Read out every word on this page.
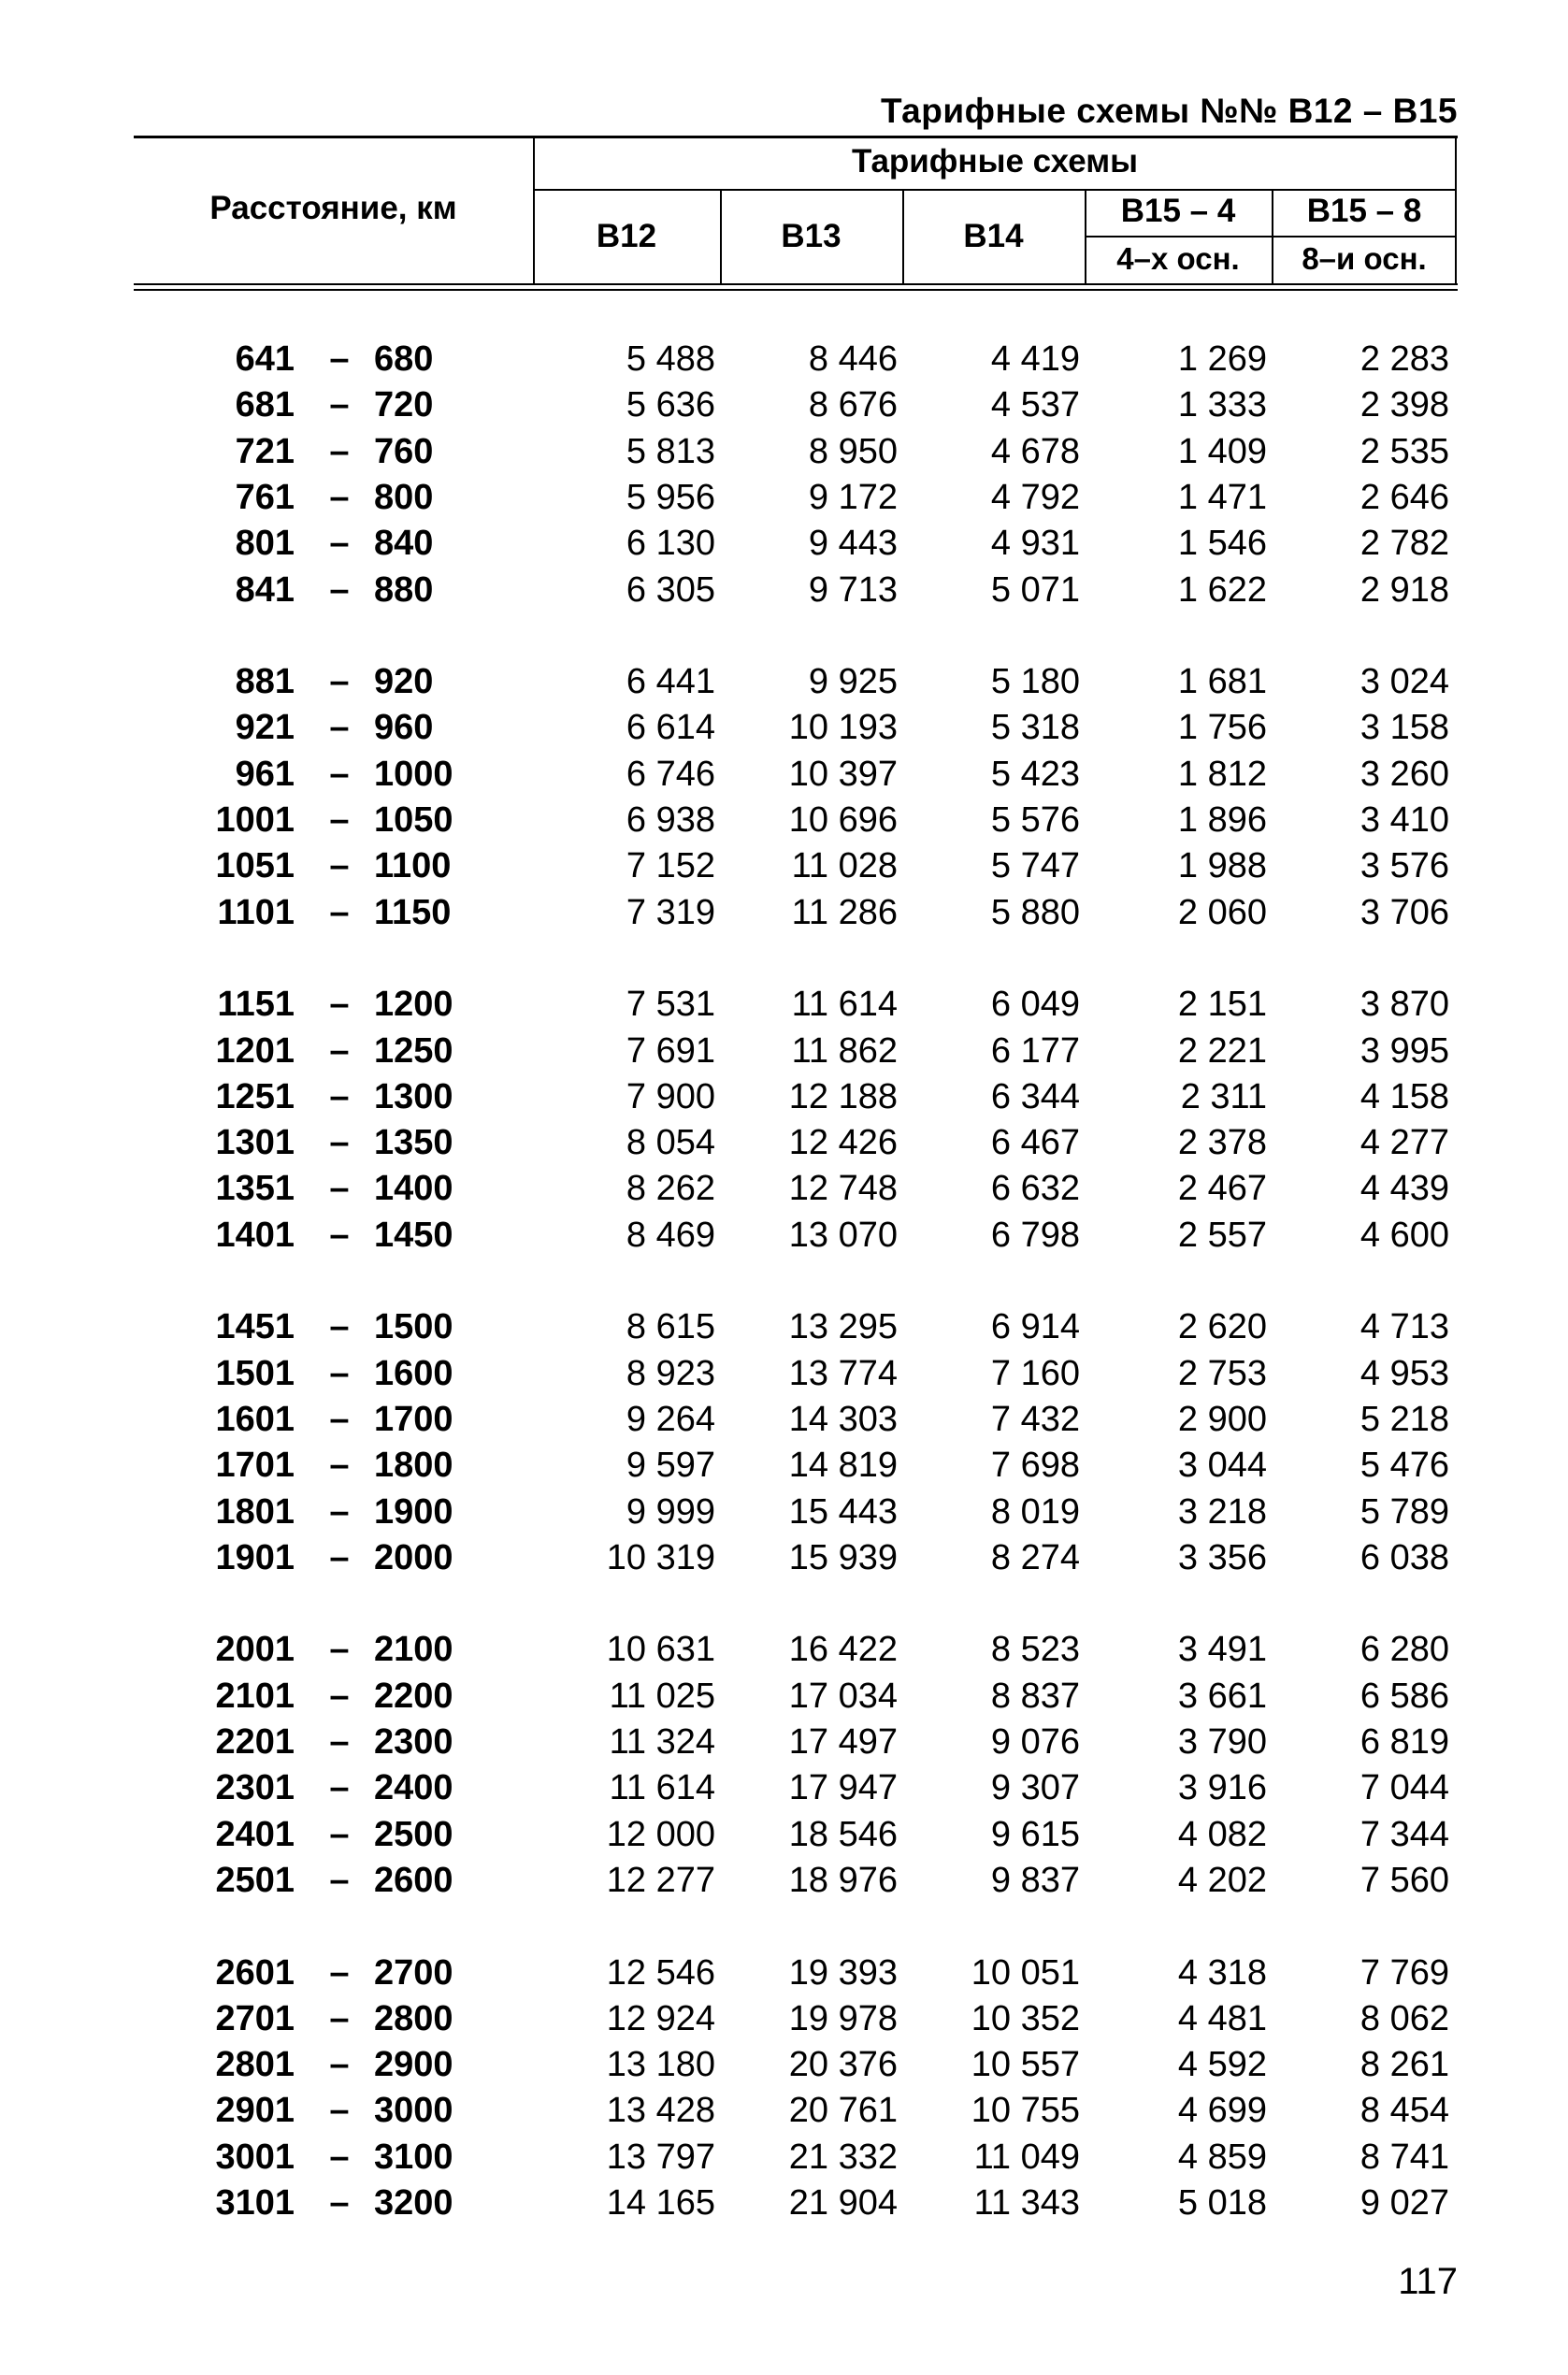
Тарифные схемы №№ В12 – В15
Расстояние, км
Тарифные схемы
В12	В13	В14
В15 – 4	В15 – 8
4–х осн.	8–и осн.
641 – 680	5 488	8 446	4 419	1 269	2 283
681 – 720	5 636	8 676	4 537	1 333	2 398
721 – 760	5 813	8 950	4 678	1 409	2 535
761 – 800	5 956	9 172	4 792	1 471	2 646
801 – 840	6 130	9 443	4 931	1 546	2 782
841 – 880	6 305	9 713	5 071	1 622	2 918
881 – 920	6 441	9 925	5 180	1 681	3 024
921 – 960	6 614	10 193	5 318	1 756	3 158
961 – 1000	6 746	10 397	5 423	1 812	3 260
1001 – 1050	6 938	10 696	5 576	1 896	3 410
1051 – 1100	7 152	11 028	5 747	1 988	3 576
1101 – 1150	7 319	11 286	5 880	2 060	3 706
1151 – 1200	7 531	11 614	6 049	2 151	3 870
1201 – 1250	7 691	11 862	6 177	2 221	3 995
1251 – 1300	7 900	12 188	6 344	2 311	4 158
1301 – 1350	8 054	12 426	6 467	2 378	4 277
1351 – 1400	8 262	12 748	6 632	2 467	4 439
1401 – 1450	8 469	13 070	6 798	2 557	4 600
1451 – 1500	8 615	13 295	6 914	2 620	4 713
1501 – 1600	8 923	13 774	7 160	2 753	4 953
1601 – 1700	9 264	14 303	7 432	2 900	5 218
1701 – 1800	9 597	14 819	7 698	3 044	5 476
1801 – 1900	9 999	15 443	8 019	3 218	5 789
1901 – 2000	10 319	15 939	8 274	3 356	6 038
2001 – 2100	10 631	16 422	8 523	3 491	6 280
2101 – 2200	11 025	17 034	8 837	3 661	6 586
2201 – 2300	11 324	17 497	9 076	3 790	6 819
2301 – 2400	11 614	17 947	9 307	3 916	7 044
2401 – 2500	12 000	18 546	9 615	4 082	7 344
2501 – 2600	12 277	18 976	9 837	4 202	7 560
2601 – 2700	12 546	19 393	10 051	4 318	7 769
2701 – 2800	12 924	19 978	10 352	4 481	8 062
2801 – 2900	13 180	20 376	10 557	4 592	8 261
2901 – 3000	13 428	20 761	10 755	4 699	8 454
3001 – 3100	13 797	21 332	11 049	4 859	8 741
3101 – 3200	14 165	21 904	11 343	5 018	9 027
117
